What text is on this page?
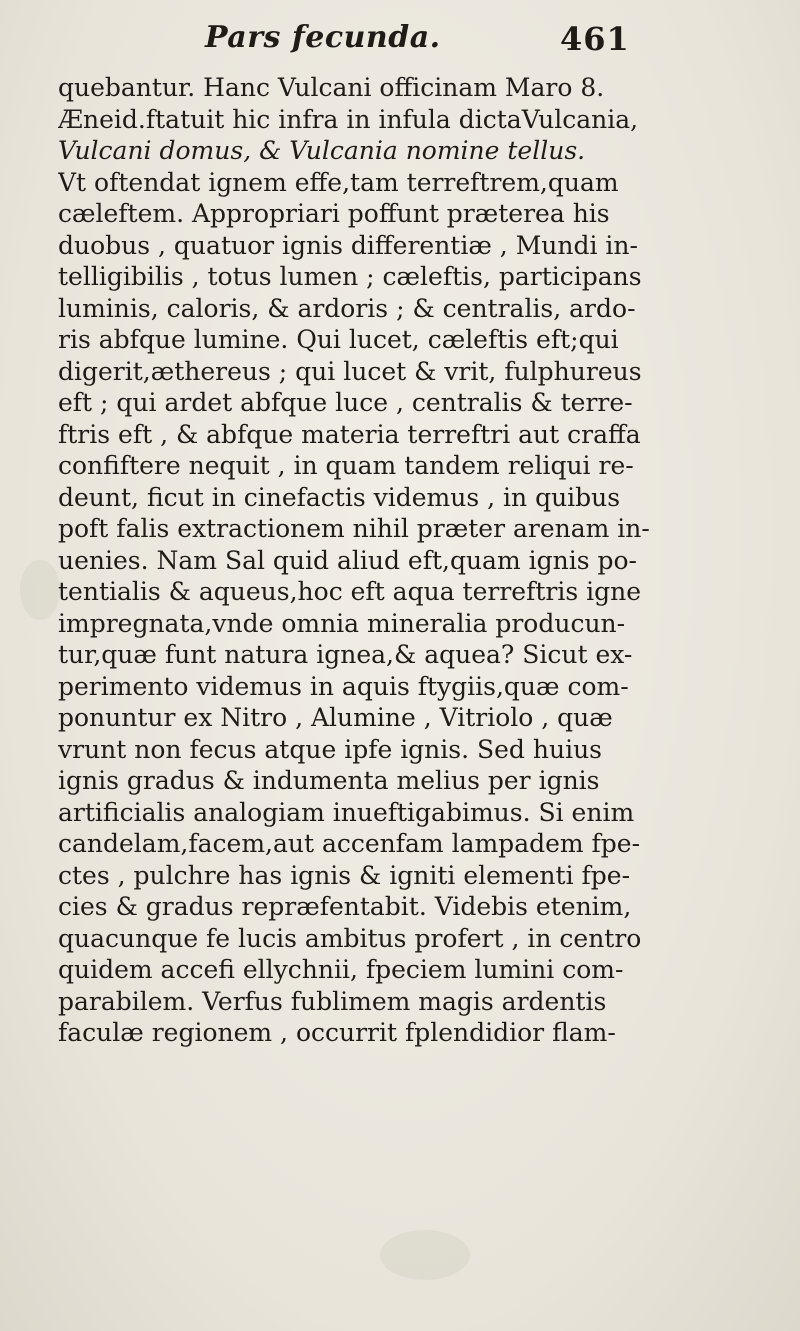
Pars fecunda.	461
quebantur. Hanc Vulcani officinam Maro 8.
Æneid.ftatuit hic infra in infula dictaVulcania,
Vulcani domus, & Vulcania nomine tellus.
Vt oftendat ignem effe,tam terreftrem,quam
cæleftem. Appropriari poffunt præterea his
duobus , quatuor ignis differentiæ , Mundi in-
telligibilis , totus lumen ; cæleftis, participans
luminis, caloris, & ardoris ; & centralis, ardo-
ris abfque lumine. Qui lucet, cæleftis eft;qui
digerit,æthereus ; qui lucet & vrit, fulphureus
eft ; qui ardet abfque luce , centralis & terre-
ftris eft , & abfque materia terreftri aut craffa
confiftere nequit , in quam tandem reliqui re-
deunt, ficut in cinefactis videmus , in quibus
poft falis extractionem nihil præter arenam in-
uenies. Nam Sal quid aliud eft,quam ignis po-
tentialis & aqueus,hoc eft aqua terreftris igne
impregnata,vnde omnia mineralia producun-
tur,quæ funt natura ignea,& aquea? Sicut ex-
perimento videmus in aquis ftygiis,quæ com-
ponuntur ex Nitro , Alumine , Vitriolo , quæ
vrunt non fecus atque ipfe ignis. Sed huius
ignis gradus & indumenta melius per ignis
artificialis analogiam inueftigabimus. Si enim
candelam,facem,aut accenfam lampadem fpe-
ctes , pulchre has ignis & igniti elementi fpe-
cies & gradus repræfentabit. Videbis etenim,
quacunque fe lucis ambitus profert , in centro
quidem accefi ellychnii, fpeciem lumini com-
parabilem. Verfus fublimem magis ardentis
faculæ regionem , occurrit fplendidior flam-
